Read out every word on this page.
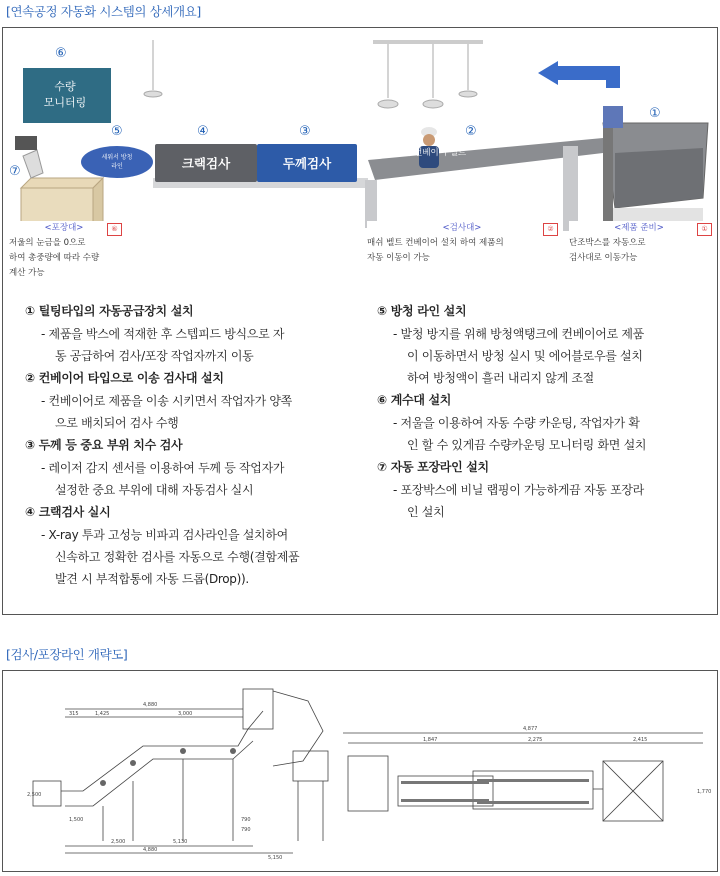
[연속공정 자동화 시스템의 상세개요]
수량
모니터링
세워서 방청
라인	크랙검사	두께검사
매쉬 컨베이어 벨트
⑥
⑤	④	③	②
①
⑦
<포장대>
저울의 눈금을 0으로
하여 총중량에 따라 수량
계산 가능
⑥	<검사대>
매쉬 벨트 컨베이어 설치 하여 제품의
자동 이동이 가능
②	<제품 준비>
단조박스를 자동으로
검사대로 이동가능
①
① 틸팅타입의 자동공급장치 설치
- 제품을 박스에 적재한 후 스텝피드 방식으로 자
동 공급하여 검사/포장 작업자까지 이동
② 컨베이어 타입으로 이송 검사대 설치
- 컨베이어로 제품을 이송 시키면서 작업자가 양쪽
으로 배치되어 검사 수행
③ 두께 등 중요 부위 치수 검사
- 레이저 감지 센서를 이용하여 두께 등 작업자가
설정한 중요 부위에 대해 자동검사 실시
④ 크랙검사 실시
- X-ray 투과 고성능 비파괴 검사라인을 설치하여
신속하고 정확한 검사를 자동으로 수행(결함제품
발견 시 부적합통에 자동 드롭(Drop)).
⑤ 방청 라인 설치
- 발청 방지를 위해 방청액탱크에 컨베이어로 제품
이 이동하면서 방청 실시 및 에어블로우를 설치
하여 방청액이 흘러 내리지 않게 조절
⑥ 계수대 설치
- 저울을 이용하여 자동 수량 카운팅, 작업자가 확
인 할 수 있게끔 수량카운팅 모니터링 화면 설치
⑦ 자동 포장라인 설치
- 포장박스에 비닐 랩핑이 가능하게끔 자동 포장라
인 설치
[검사/포장라인 개략도]
4,880
315	1,425	3,000
2,500
1,500
2,500	5,130
4,880
790
790
5,150
4,877
1,847	2,275	2,415
1,770
